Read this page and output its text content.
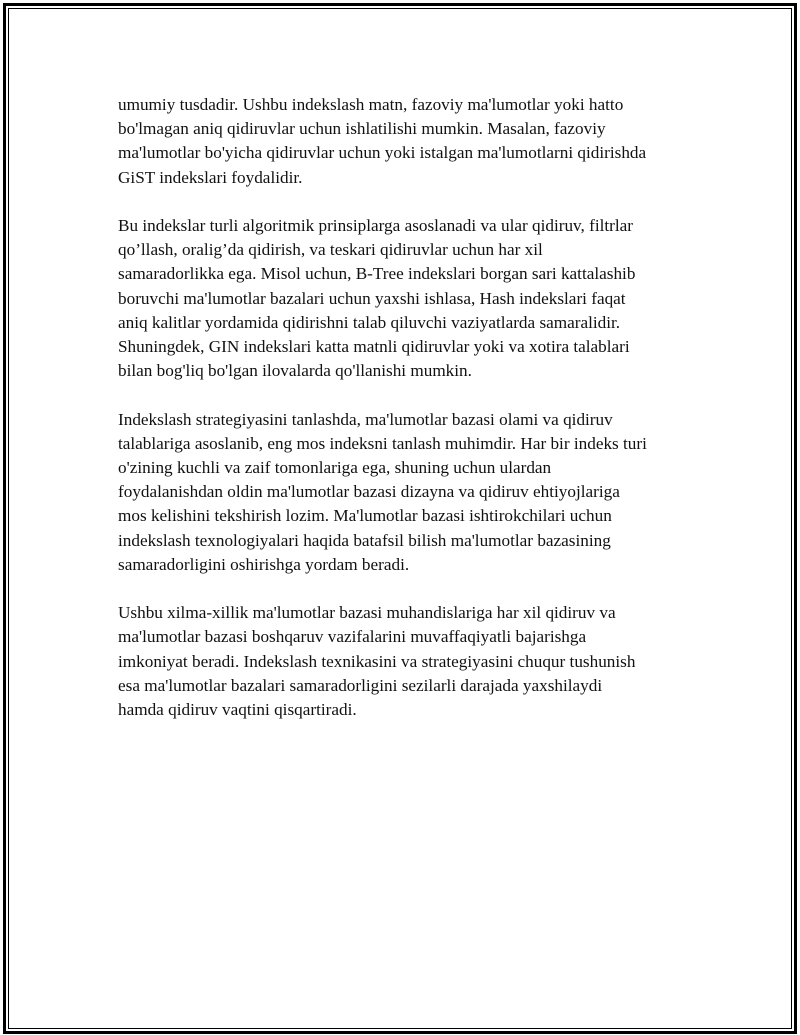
umumiy tusdadir. Ushbu indekslash matn, fazoviy ma'lumotlar yoki hatto
bo'lmagan aniq qidiruvlar uchun ishlatilishi mumkin. Masalan, fazoviy
ma'lumotlar bo'yicha qidiruvlar uchun yoki istalgan ma'lumotlarni qidirishda
GiST indekslari foydalidir.

Bu indekslar turli algoritmik prinsiplarga asoslanadi va ular qidiruv, filtrlar
qo’llash, oralig’da qidirish, va teskari qidiruvlar uchun har xil
samaradorlikka ega. Misol uchun, B-Tree indekslari borgan sari kattalashib
boruvchi ma'lumotlar bazalari uchun yaxshi ishlasa, Hash indekslari faqat
aniq kalitlar yordamida qidirishni talab qiluvchi vaziyatlarda samaralidir.
Shuningdek, GIN indekslari katta matnli qidiruvlar yoki va xotira talablari
bilan bog'liq bo'lgan ilovalarda qo'llanishi mumkin.

Indekslash strategiyasini tanlashda, ma'lumotlar bazasi olami va qidiruv
talablariga asoslanib, eng mos indeksni tanlash muhimdir. Har bir indeks turi
o'zining kuchli va zaif tomonlariga ega, shuning uchun ulardan
foydalanishdan oldin ma'lumotlar bazasi dizayna va qidiruv ehtiyojlariga
mos kelishini tekshirish lozim. Ma'lumotlar bazasi ishtirokchilari uchun
indekslash texnologiyalari haqida batafsil bilish ma'lumotlar bazasining
samaradorligini oshirishga yordam beradi.

Ushbu xilma-xillik ma'lumotlar bazasi muhandislariga har xil qidiruv va
ma'lumotlar bazasi boshqaruv vazifalarini muvaffaqiyatli bajarishga
imkoniyat beradi. Indekslash texnikasini va strategiyasini chuqur tushunish
esa ma'lumotlar bazalari samaradorligini sezilarli darajada yaxshilaydi
hamda qidiruv vaqtini qisqartiradi.
